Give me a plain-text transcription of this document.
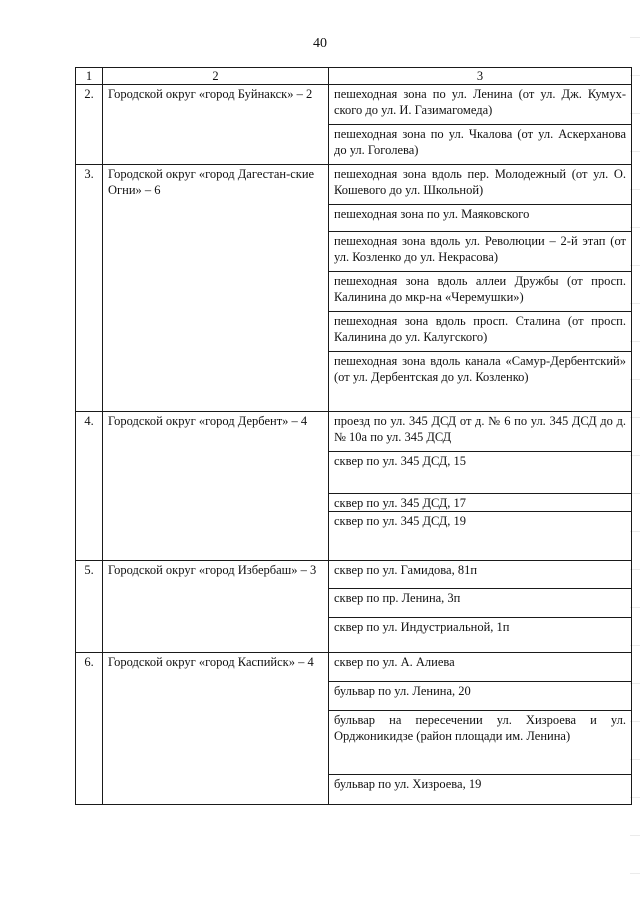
40
1	2	3
2.	Городской округ «город Буйнакск» – 2	пешеходная зона по ул. Ленина (от ул. Дж. Кумух-ского до ул. И. Газимагомеда)
		пешеходная зона по ул. Чкалова (от ул. Аскерханова до ул. Гоголева)
3.	Городской округ «город Дагестан-ские Огни» – 6	пешеходная зона вдоль пер. Молодежный (от ул. О. Кошевого до ул. Школьной)
		пешеходная зона по ул. Маяковского
		пешеходная зона вдоль ул. Революции – 2-й этап (от ул. Козленко до ул. Некрасова)
		пешеходная зона вдоль аллеи Дружбы (от просп. Калинина до мкр-на «Черемушки»)
		пешеходная зона вдоль просп. Сталина (от просп. Калинина до ул. Калугского)
		пешеходная зона вдоль канала «Самур-Дербентский» (от ул. Дербентская до ул. Козленко)
4.	Городской округ «город Дербент» – 4	проезд по ул. 345 ДСД от д. № 6 по ул. 345 ДСД до д. № 10а по ул. 345 ДСД
		сквер по ул. 345 ДСД, 15
		сквер по ул. 345 ДСД, 17
		сквер по ул. 345 ДСД, 19
5.	Городской округ «город Избербаш» – 3	сквер по ул. Гамидова, 81п
		сквер по пр. Ленина, 3п
		сквер по ул. Индустриальной, 1п
6.	Городской округ «город Каспийск» – 4	сквер по ул. А. Алиева
		бульвар по ул. Ленина, 20
		бульвар на пересечении ул. Хизроева и ул. Орджоникидзе (район площади им. Ленина)
		бульвар по ул. Хизроева, 19
